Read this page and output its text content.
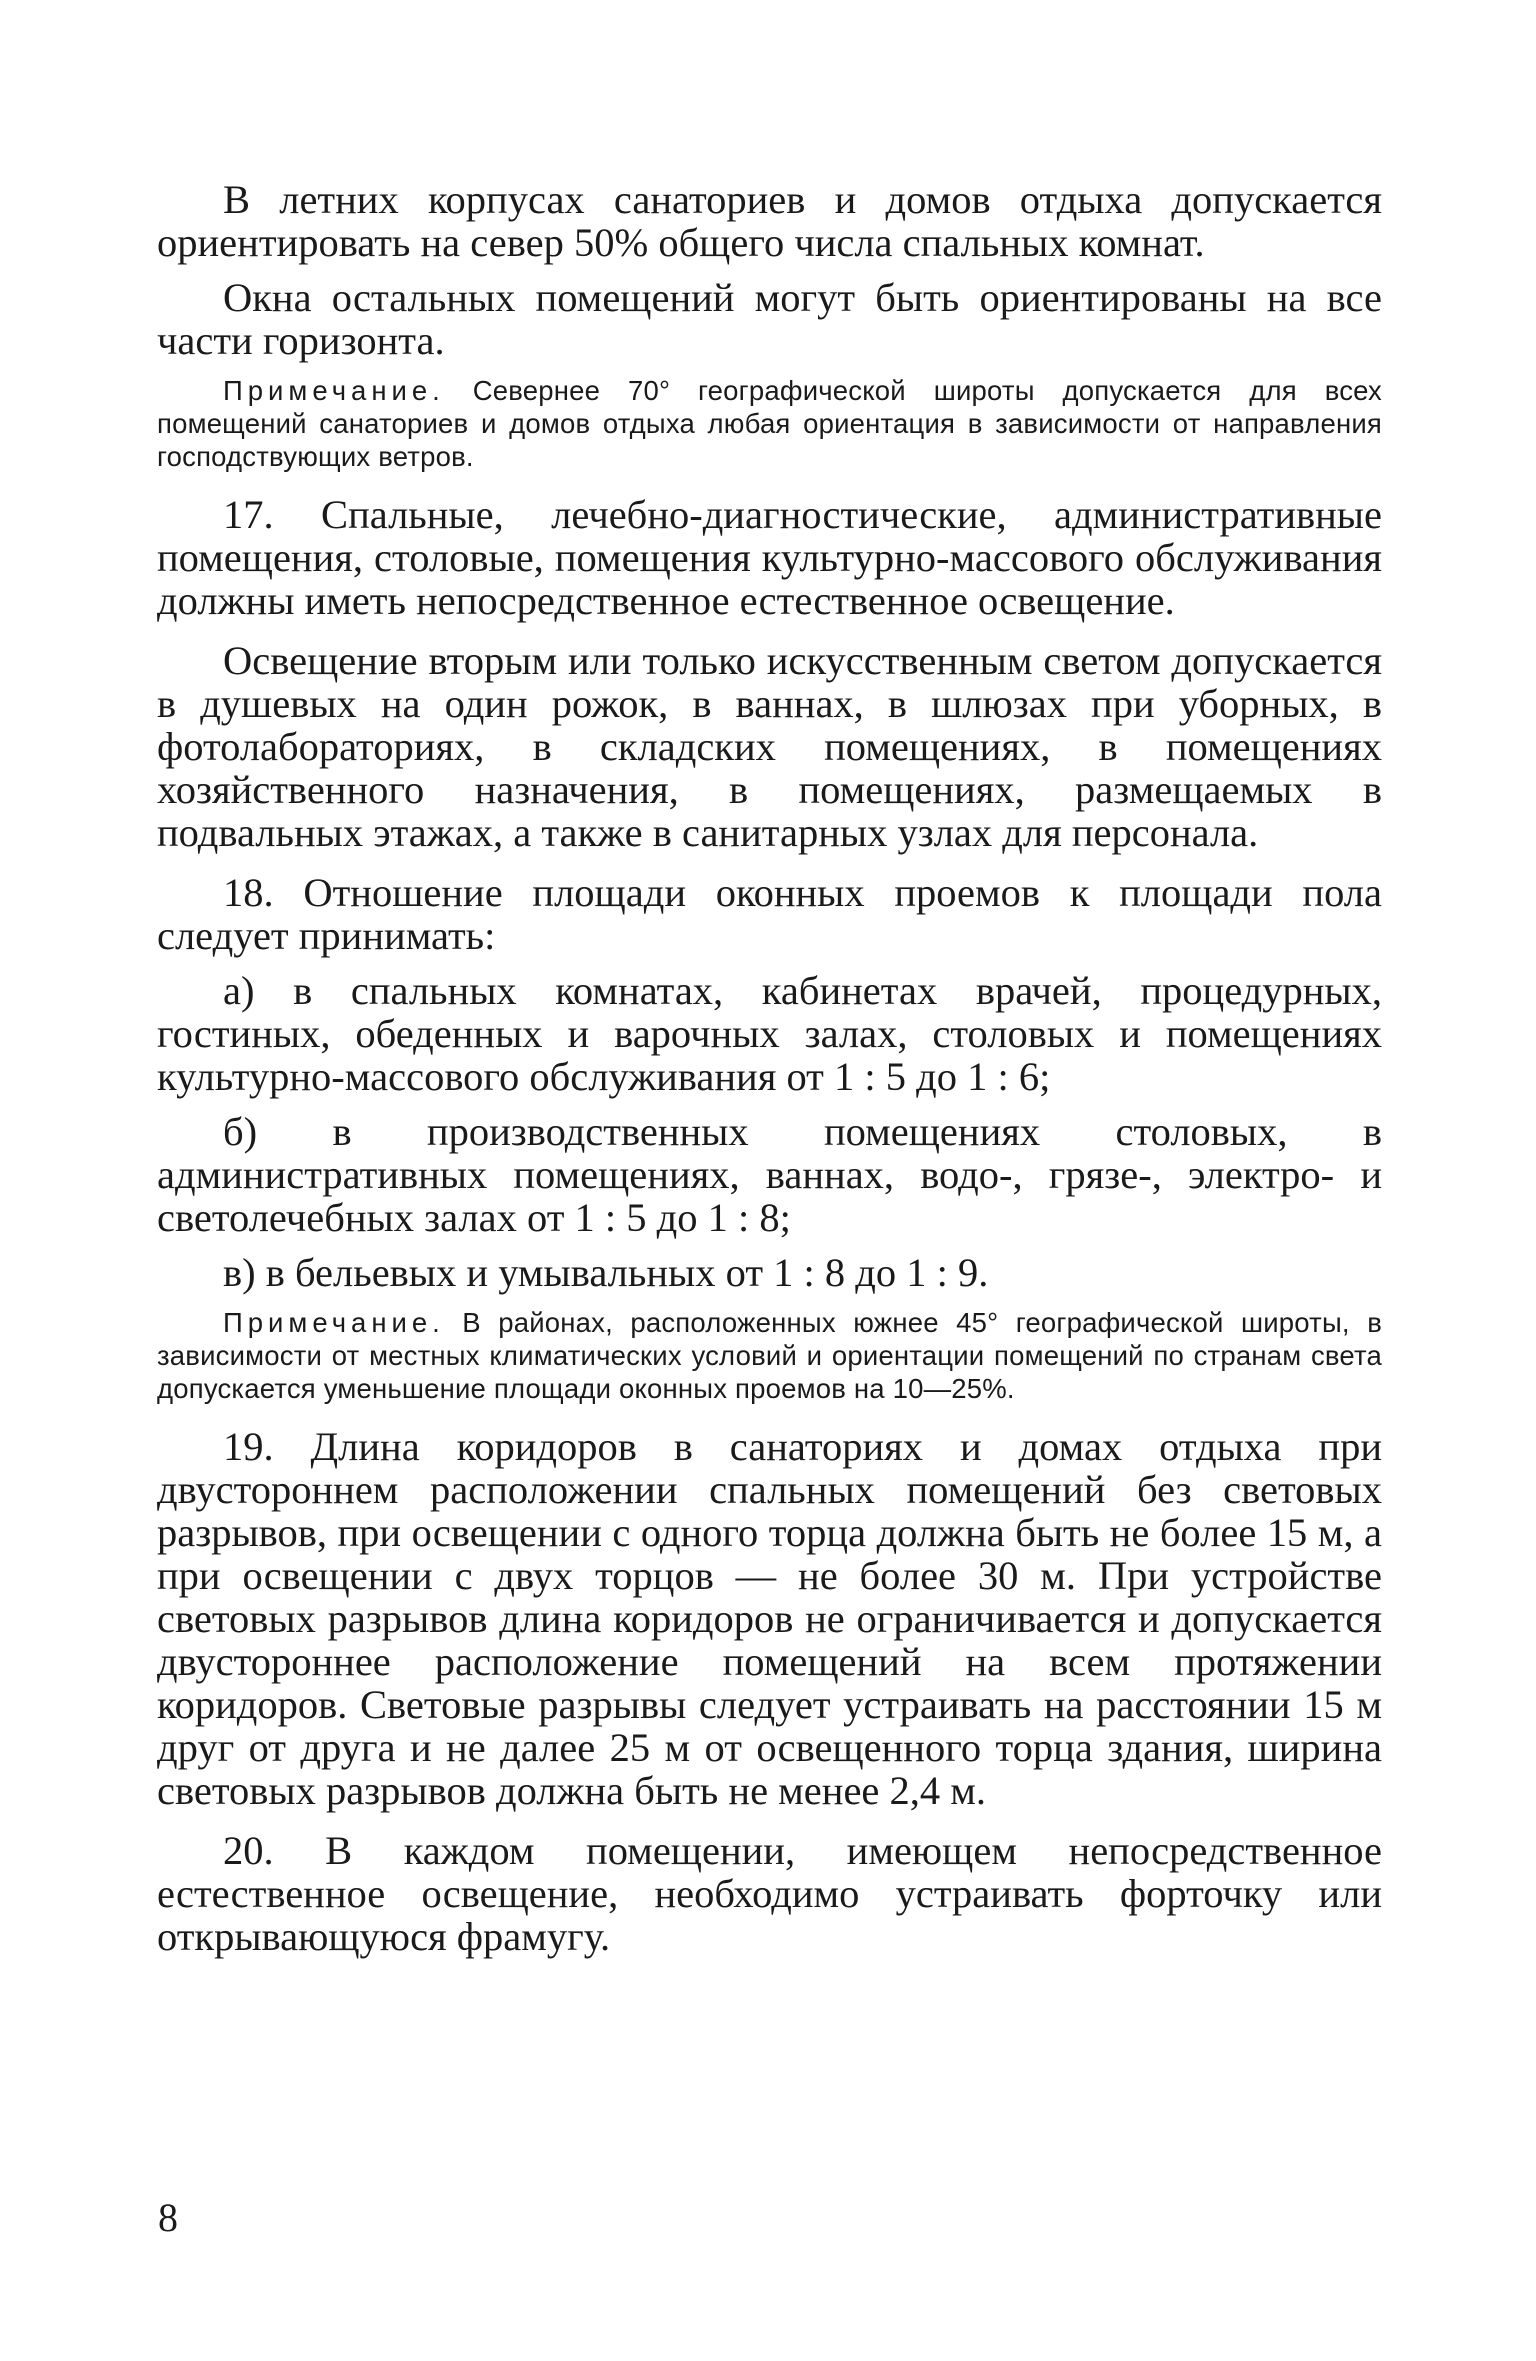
В летних корпусах санаториев и домов отдыха допускается ориентировать на север 50% общего числа спальных комнат.

Окна остальных помещений могут быть ориентированы на все части горизонта.

Примечание. Севернее 70° географической широты допускается для всех помещений санаториев и домов отдыха любая ориентация в зависимости от направления господствующих ветров.

17. Спальные, лечебно-диагностические, административные помещения, столовые, помещения культурно-массового обслуживания должны иметь непосредственное естественное освещение.

Освещение вторым или только искусственным светом допускается в душевых на один рожок, в ваннах, в шлюзах при уборных, в фотолабораториях, в складских помещениях, в помещениях хозяйственного назначения, в помещениях, размещаемых в подвальных этажах, а также в санитарных узлах для персонала.

18. Отношение площади оконных проемов к площади пола следует принимать:

а) в спальных комнатах, кабинетах врачей, процедурных, гостиных, обеденных и варочных залах, столовых и помещениях культурно-массового обслуживания от 1 : 5 до 1 : 6;

б) в производственных помещениях столовых, в административных помещениях, ваннах, водо-, грязе-, электро- и светолечебных залах от 1 : 5 до 1 : 8;

в) в бельевых и умывальных от 1 : 8 до 1 : 9.

Примечание. В районах, расположенных южнее 45° географической широты, в зависимости от местных климатических условий и ориентации помещений по странам света допускается уменьшение площади оконных проемов на 10—25%.

19. Длина коридоров в санаториях и домах отдыха при двустороннем расположении спальных помещений без световых разрывов, при освещении с одного торца должна быть не более 15 м, а при освещении с двух торцов — не более 30 м. При устройстве световых разрывов длина коридоров не ограничивается и допускается двустороннее расположение помещений на всем протяжении коридоров. Световые разрывы следует устраивать на расстоянии 15 м друг от друга и не далее 25 м от освещенного торца здания, ширина световых разрывов должна быть не менее 2,4 м.

20. В каждом помещении, имеющем непосредственное естественное освещение, необходимо устраивать форточку или открывающуюся фрамугу.

8
